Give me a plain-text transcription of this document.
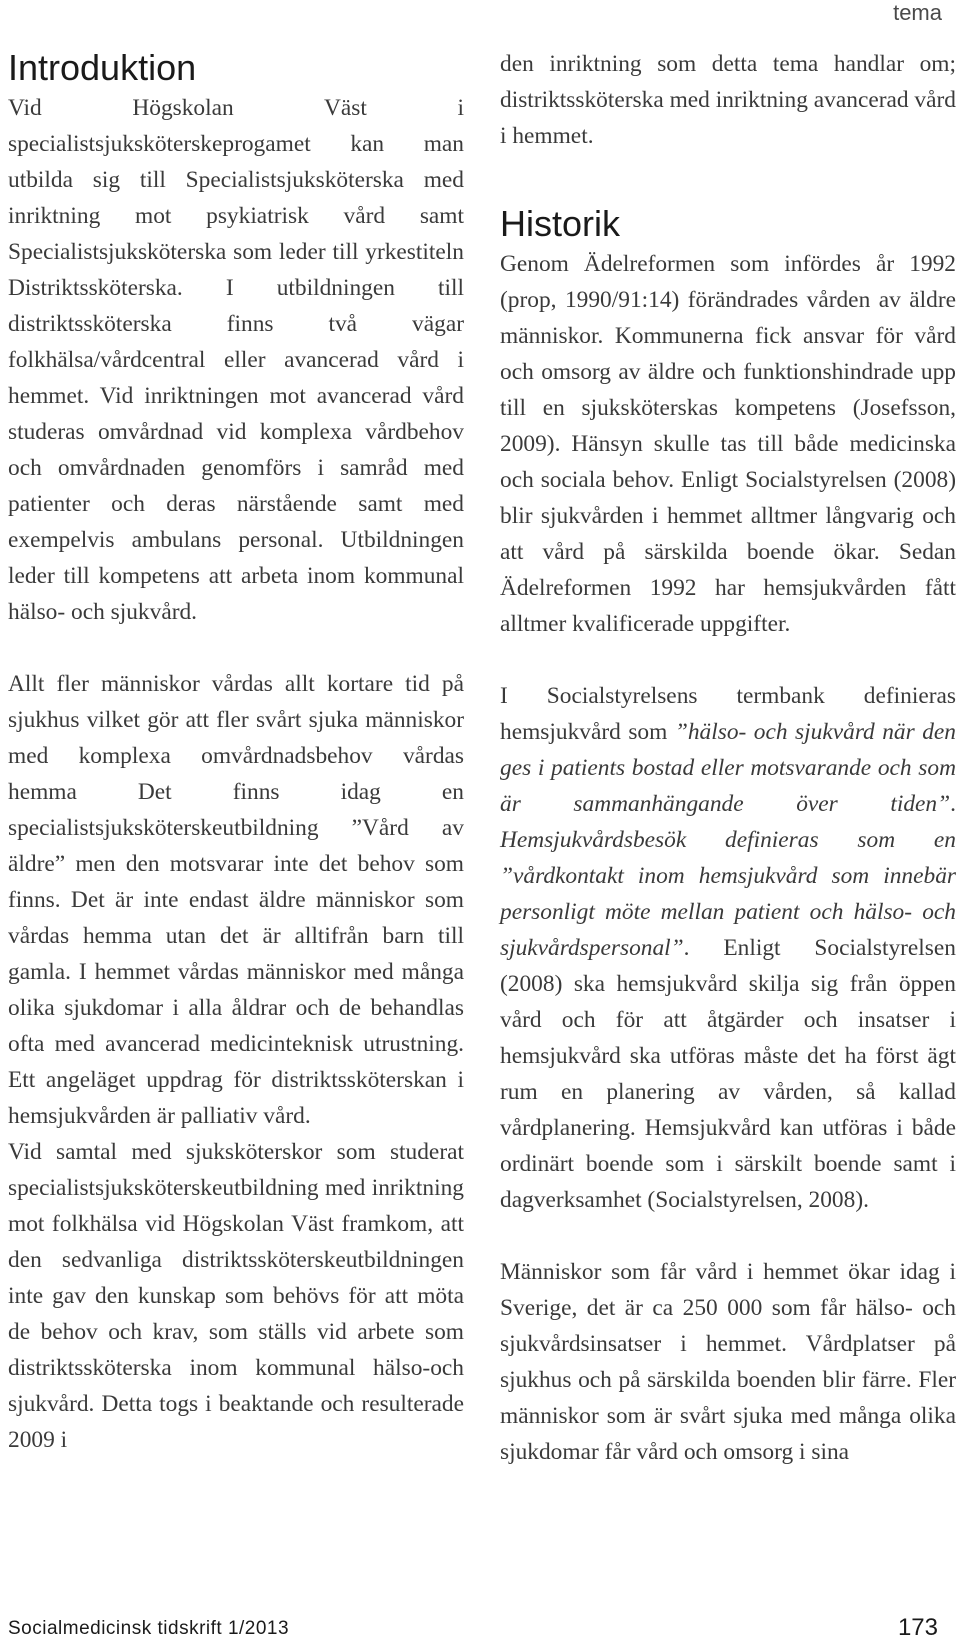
tema
Introduktion

Vid Högskolan Väst i specialistsjuksköterskeprogamet kan man utbilda sig till Specialistsjuksköterska med inriktning mot psykiatrisk vård samt Specialistsjuksköterska som leder till yrkestiteln Distriktssköterska. I utbildningen till distriktssköterska finns två vägar folkhälsa/vårdcentral eller avancerad vård i hemmet. Vid inriktningen mot avancerad vård studeras omvårdnad vid komplexa vårdbehov och omvårdnaden genomförs i samråd med patienter och deras närstående samt med exempelvis ambulans personal. Utbildningen leder till kompetens att arbeta inom kommunal hälso- och sjukvård.

Allt fler människor vårdas allt kortare tid på sjukhus vilket gör att fler svårt sjuka människor med komplexa omvårdnadsbehov vårdas hemma Det finns idag en specialistsjuksköterskeutbildning ”Vård av äldre” men den motsvarar inte det behov som finns. Det är inte endast äldre människor som vårdas hemma utan det är alltifrån barn till gamla. I hemmet vårdas människor med många olika sjukdomar i alla åldrar och de behandlas ofta med avancerad medicinteknisk utrustning. Ett angeläget uppdrag för distriktssköterskan i hemsjukvården är palliativ vård.

Vid samtal med sjuksköterskor som studerat specialistsjuksköterskeutbildning med inriktning mot folkhälsa vid Högskolan Väst framkom, att den sedvanliga distriktssköterskeutbildningen inte gav den kunskap som behövs för att möta de behov och krav, som ställs vid arbete som distriktssköterska inom kommunal hälso-och sjukvård. Detta togs i beaktande och resulterade 2009 i

den inriktning som detta tema handlar om; distriktssköterska med inriktning avancerad vård i hemmet.

Historik

Genom Ädelreformen som infördes år 1992 (prop, 1990/91:14) förändrades vården av äldre människor. Kommunerna fick ansvar för vård och omsorg av äldre och funktionshindrade upp till en sjuksköterskas kompetens (Josefsson, 2009). Hänsyn skulle tas till både medicinska och sociala behov. Enligt Socialstyrelsen (2008) blir sjukvården i hemmet alltmer långvarig och att vård på särskilda boende ökar. Sedan Ädelreformen 1992 har hemsjukvården fått alltmer kvalificerade uppgifter.

I Socialstyrelsens termbank definieras hemsjukvård som ”hälso- och sjukvård när den ges i patients bostad eller motsvarande och som är sammanhängande över tiden”. Hemsjukvårdsbesök definieras som en ”vårdkontakt inom hemsjukvård som innebär personligt möte mellan patient och hälso- och sjukvårdspersonal”. Enligt Socialstyrelsen (2008) ska hemsjukvård skilja sig från öppen vård och för att åtgärder och insatser i hemsjukvård ska utföras måste det ha först ägt rum en planering av vården, så kallad vårdplanering. Hemsjukvård kan utföras i både ordinärt boende som i särskilt boende samt i dagverksamhet (Socialstyrelsen, 2008).

Människor som får vård i hemmet ökar idag i Sverige, det är ca 250 000 som får hälso- och sjukvårdsinsatser i hemmet. Vårdplatser på sjukhus och på särskilda boenden blir färre. Fler människor som är svårt sjuka med många olika sjukdomar får vård och omsorg i sina

Socialmedicinsk tidskrift 1/2013	173
